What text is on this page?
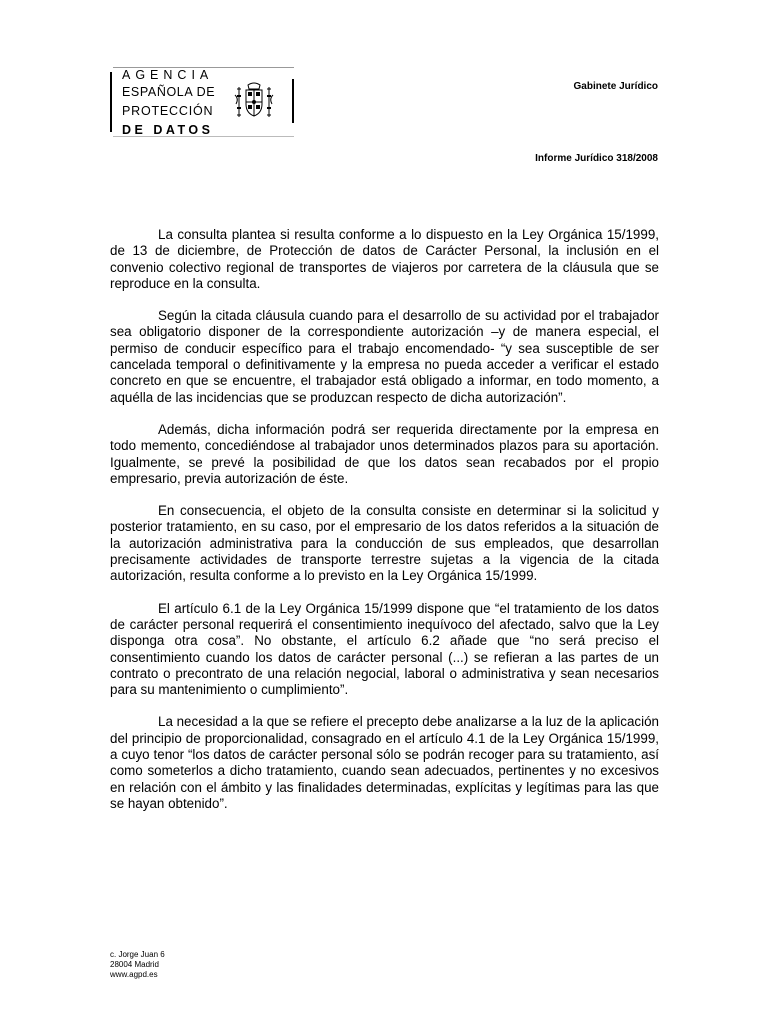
AGENCIA
ESPAÑOLA DE
PROTECCIÓN
DE DATOS
Gabinete Jurídico
Informe Jurídico 318/2008

La consulta plantea si resulta conforme a lo dispuesto en la Ley Orgánica 15/1999, de 13 de diciembre, de Protección de datos de Carácter Personal, la inclusión en el convenio colectivo regional de transportes de viajeros por carretera de la cláusula que se reproduce en la consulta.

Según la citada cláusula cuando para el desarrollo de su actividad por el trabajador sea obligatorio disponer de la correspondiente autorización –y de manera especial, el permiso de conducir específico para el trabajo encomendado- “y sea susceptible de ser cancelada temporal o definitivamente y la empresa no pueda acceder a verificar el estado concreto en que se encuentre, el trabajador está obligado a informar, en todo momento, a aquélla de las incidencias que se produzcan respecto de dicha autorización”.

Además, dicha información podrá ser requerida directamente por la empresa en todo memento, concediéndose al trabajador unos determinados plazos para su aportación. Igualmente, se prevé la posibilidad de que los datos sean recabados por el propio empresario, previa autorización de éste.

En consecuencia, el objeto de la consulta consiste en determinar si la solicitud y posterior tratamiento, en su caso, por el empresario de los datos referidos a la situación de la autorización administrativa para la conducción de sus empleados, que desarrollan precisamente actividades de transporte terrestre sujetas a la vigencia de la citada autorización, resulta conforme a lo previsto en la Ley Orgánica 15/1999.

El artículo 6.1 de la Ley Orgánica 15/1999 dispone que “el tratamiento de los datos de carácter personal requerirá el consentimiento inequívoco del afectado, salvo que la Ley disponga otra cosa”. No obstante, el artículo 6.2 añade que “no será preciso el consentimiento cuando los datos de carácter personal (...) se refieran a las partes de un contrato o precontrato de una relación negocial, laboral o administrativa y sean necesarios para su mantenimiento o cumplimiento”.

La necesidad a la que se refiere el precepto debe analizarse a la luz de la aplicación del principio de proporcionalidad, consagrado en el artículo 4.1 de la Ley Orgánica 15/1999, a cuyo tenor “los datos de carácter personal sólo se podrán recoger para su tratamiento, así como someterlos a dicho tratamiento, cuando sean adecuados, pertinentes y no excesivos en relación con el ámbito y las finalidades determinadas, explícitas y legítimas para las que se hayan obtenido”.

c. Jorge Juan 6
28004 Madrid
www.agpd.es
